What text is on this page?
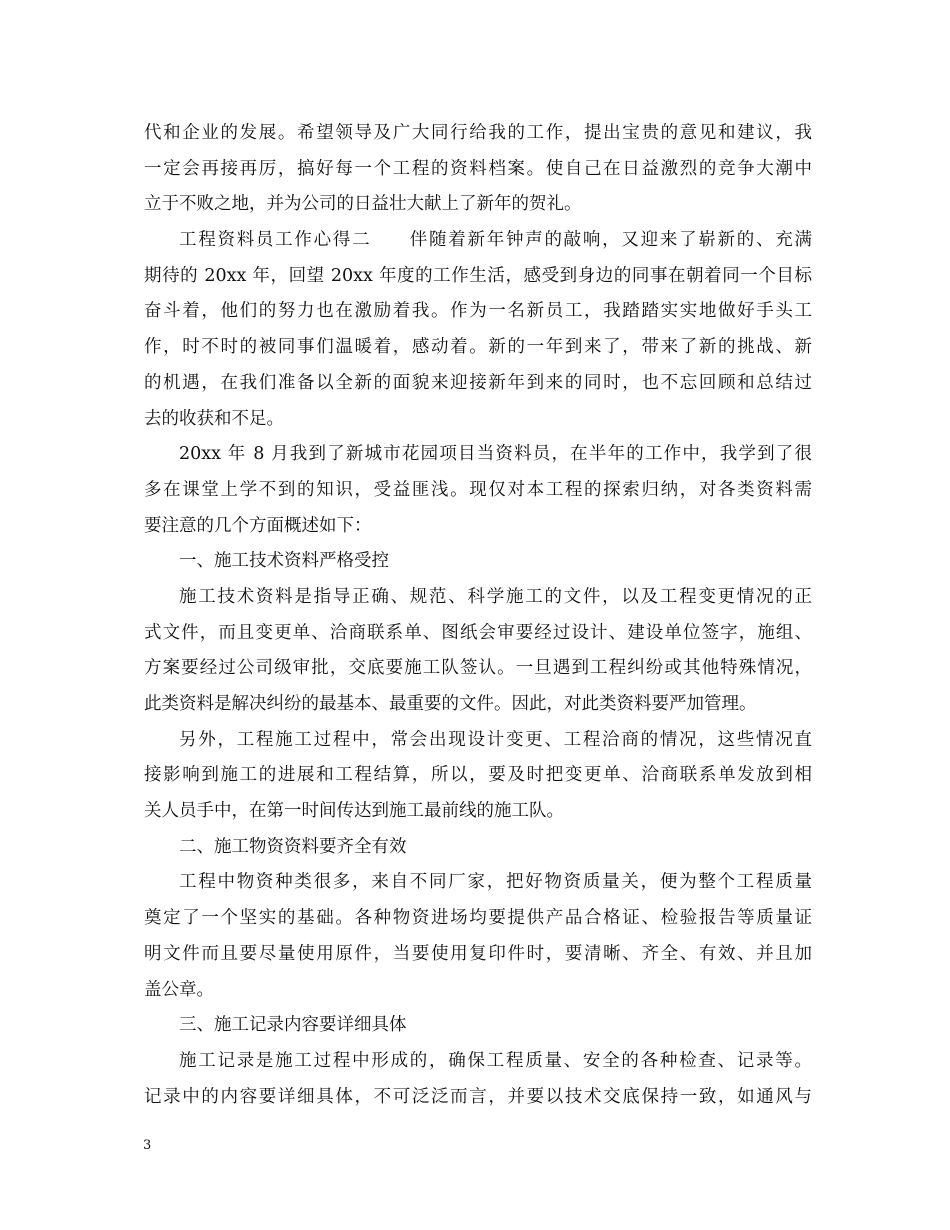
代和企业的发展。希望领导及广大同行给我的工作，提出宝贵的意见和建议，我
一定会再接再厉，搞好每一个工程的资料档案。使自己在日益激烈的竞争大潮中
立于不败之地，并为公司的日益壮大献上了新年的贺礼。
工程资料员工作心得二　　伴随着新年钟声的敲响，又迎来了崭新的、充满
期待的 20xx 年，回望 20xx 年度的工作生活，感受到身边的同事在朝着同一个目标
奋斗着，他们的努力也在激励着我。作为一名新员工，我踏踏实实地做好手头工
作，时不时的被同事们温暖着，感动着。新的一年到来了，带来了新的挑战、新
的机遇，在我们准备以全新的面貌来迎接新年到来的同时，也不忘回顾和总结过
去的收获和不足。
20xx 年 8 月我到了新城市花园项目当资料员，在半年的工作中，我学到了很
多在课堂上学不到的知识，受益匪浅。现仅对本工程的探索归纳，对各类资料需
要注意的几个方面概述如下：
一、施工技术资料严格受控
施工技术资料是指导正确、规范、科学施工的文件，以及工程变更情况的正
式文件，而且变更单、洽商联系单、图纸会审要经过设计、建设单位签字，施组、
方案要经过公司级审批，交底要施工队签认。一旦遇到工程纠纷或其他特殊情况，
此类资料是解决纠纷的最基本、最重要的文件。因此，对此类资料要严加管理。
另外，工程施工过程中，常会出现设计变更、工程洽商的情况，这些情况直
接影响到施工的进展和工程结算，所以，要及时把变更单、洽商联系单发放到相
关人员手中，在第一时间传达到施工最前线的施工队。
二、施工物资资料要齐全有效
工程中物资种类很多，来自不同厂家，把好物资质量关，便为整个工程质量
奠定了一个坚实的基础。各种物资进场均要提供产品合格证、检验报告等质量证
明文件而且要尽量使用原件，当要使用复印件时，要清晰、齐全、有效、并且加
盖公章。
三、施工记录内容要详细具体
施工记录是施工过程中形成的，确保工程质量、安全的各种检查、记录等。
记录中的内容要详细具体，不可泛泛而言，并要以技术交底保持一致，如通风与
3
